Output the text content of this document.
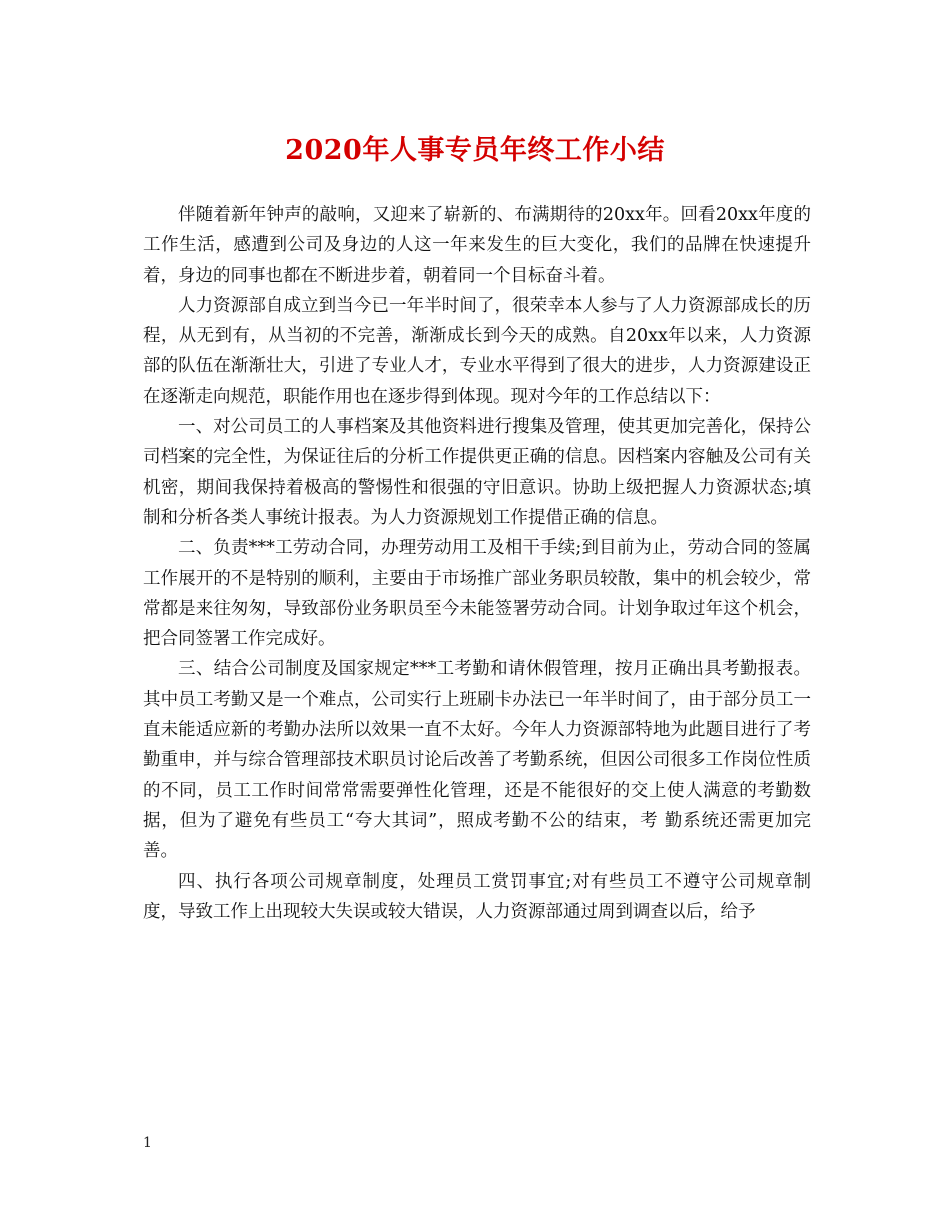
2020年人事专员年终工作小结

伴随着新年钟声的敲响，又迎来了崭新的、布满期待的20xx年。回看20xx年度的工作生活，感遭到公司及身边的人这一年来发生的巨大变化，我们的品牌在快速提升着，身边的同事也都在不断进步着，朝着同一个目标奋斗着。

人力资源部自成立到当今已一年半时间了，很荣幸本人参与了人力资源部成长的历程，从无到有，从当初的不完善，渐渐成长到今天的成熟。自20xx年以来，人力资源部的队伍在渐渐壮大，引进了专业人才，专业水平得到了很大的进步，人力资源建设正在逐渐走向规范，职能作用也在逐步得到体现。现对今年的工作总结以下：

一、对公司员工的人事档案及其他资料进行搜集及管理，使其更加完善化，保持公司档案的完全性，为保证往后的分析工作提供更正确的信息。因档案内容触及公司有关机密，期间我保持着极高的警惕性和很强的守旧意识。协助上级把握人力资源状态;填制和分析各类人事统计报表。为人力资源规划工作提借正确的信息。

二、负责***工劳动合同，办理劳动用工及相干手续;到目前为止，劳动合同的签属工作展开的不是特别的顺利，主要由于市场推广部业务职员较散，集中的机会较少，常常都是来往匆匆，导致部份业务职员至今未能签署劳动合同。计划争取过年这个机会，把合同签署工作完成好。

三、结合公司制度及国家规定***工考勤和请休假管理，按月正确出具考勤报表。其中员工考勤又是一个难点，公司实行上班刷卡办法已一年半时间了，由于部分员工一直未能适应新的考勤办法所以效果一直不太好。今年人力资源部特地为此题目进行了考勤重申，并与综合管理部技术职员讨论后改善了考勤系统，但因公司很多工作岗位性质的不同，员工工作时间常常需要弹性化管理，还是不能很好的交上使人满意的考勤数据，但为了避免有些员工“夸大其词”，照成考勤不公的结束，考 勤系统还需更加完善。

四、执行各项公司规章制度，处理员工赏罚事宜;对有些员工不遵守公司规章制度，导致工作上出现较大失误或较大错误，人力资源部通过周到调查以后，给予

1
